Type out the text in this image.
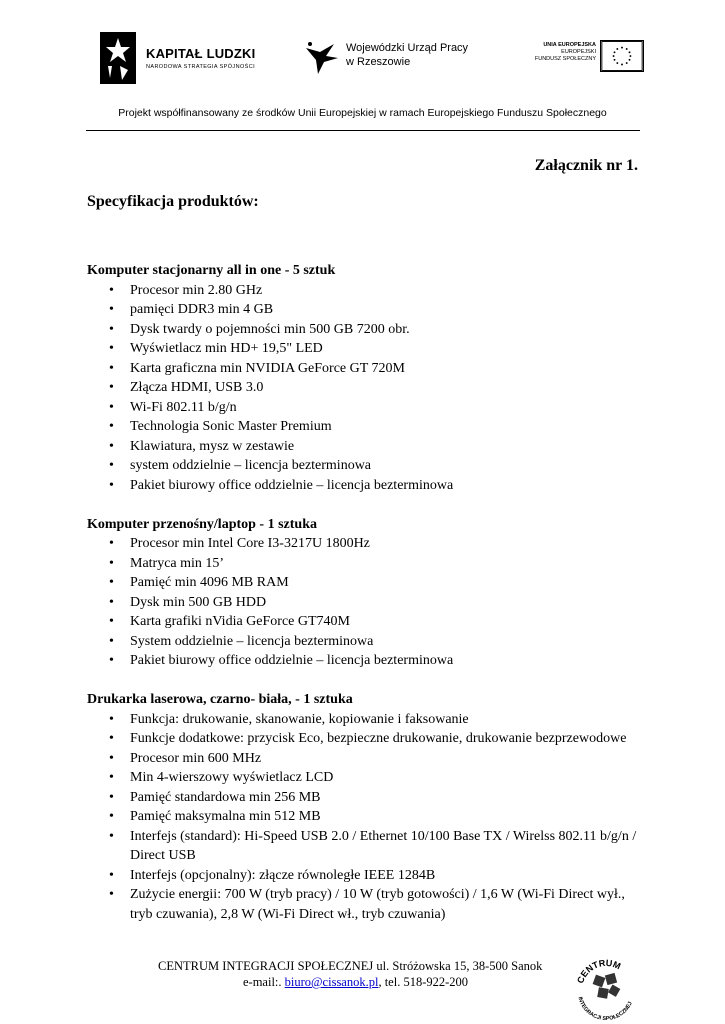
KAPITAŁ LUDZKI
NARODOWA STRATEGIA SPÓJNOŚCI
Wojewódzki Urząd Pracy
w Rzeszowie
UNIA EUROPEJSKA
EUROPEJSKI
FUNDUSZ SPOŁECZNY
Projekt współfinansowany ze środków Unii Europejskiej w ramach Europejskiego Funduszu Społecznego
Załącznik nr 1.
Specyfikacja produktów:
Komputer stacjonarny all in one - 5 sztuk
• Procesor min 2.80 GHz
• pamięci DDR3 min 4 GB
• Dysk twardy o pojemności min 500 GB 7200 obr.
• Wyświetlacz min HD+ 19,5" LED
• Karta graficzna min NVIDIA GeForce GT 720M
• Złącza HDMI, USB 3.0
• Wi-Fi 802.11 b/g/n
• Technologia Sonic Master Premium
• Klawiatura, mysz w zestawie
• system oddzielnie – licencja bezterminowa
• Pakiet biurowy office oddzielnie – licencja bezterminowa
Komputer przenośny/laptop - 1 sztuka
• Procesor min Intel Core I3-3217U 1800Hz
• Matryca min 15’
• Pamięć min 4096 MB RAM
• Dysk min 500 GB HDD
• Karta grafiki nVidia GeForce GT740M
• System oddzielnie – licencja bezterminowa
• Pakiet biurowy office oddzielnie – licencja bezterminowa
Drukarka laserowa, czarno- biała, - 1 sztuka
• Funkcja: drukowanie, skanowanie, kopiowanie i faksowanie
• Funkcje dodatkowe: przycisk Eco, bezpieczne drukowanie, drukowanie bezprzewodowe
• Procesor min 600 MHz
• Min 4-wierszowy wyświetlacz LCD
• Pamięć standardowa min 256 MB
• Pamięć maksymalna min 512 MB
• Interfejs (standard): Hi-Speed USB 2.0 / Ethernet 10/100 Base TX / Wirelss 802.11 b/g/n / Direct USB
• Interfejs (opcjonalny): złącze równoległe IEEE 1284B
• Zużycie energii: 700 W (tryb pracy) / 10 W (tryb gotowości) / 1,6 W (Wi-Fi Direct wył., tryb czuwania), 2,8 W (Wi-Fi Direct wł., tryb czuwania)
CENTRUM INTEGRACJI SPOŁECZNEJ ul. Stróżowska 15, 38-500 Sanok
e-mail:. biuro@cissanok.pl, tel. 518-922-200	CENTRUM
INTEGRACJI SPOŁECZNEJ
